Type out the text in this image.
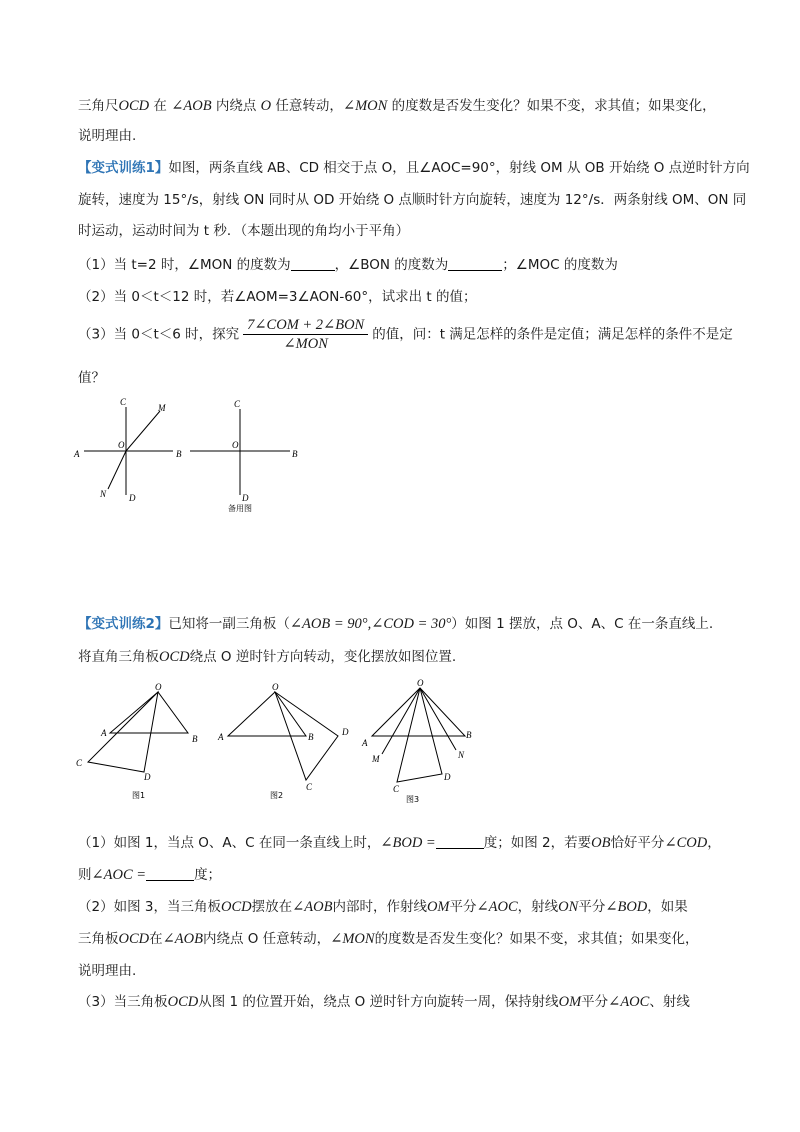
三角尺OCD 在 ∠AOB 内绕点 O 任意转动，∠MON 的度数是否发生变化？如果不变，求其值；如果变化，
说明理由.
【变式训练1】如图，两条直线 AB、CD 相交于点 O，且∠AOC=90°，射线 OM 从 OB 开始绕 O 点逆时针方向
旋转，速度为 15°/s，射线 ON 同时从 OD 开始绕 O 点顺时针方向旋转，速度为 12°/s．两条射线 OM、ON 同
时运动，运动时间为 t 秒．（本题出现的角均小于平角）
（1）当 t=2 时，∠MON 的度数为	，∠BON 的度数为	；∠MOC 的度数为
（2）当 0＜t＜12 时，若∠AOM=3∠AON-60°，试求出 t 的值；
（3）当 0＜t＜6 时，探究 $\frac{\text{7∠COM + 2∠BON}}{\text{∠MON}}$ 的值，问：t 满足怎样的条件是定值；满足怎样的条件不是定
值？
A	B
C
D
O
M
N
C
O
B
D
备用图
【变式训练2】已知将一副三角板（∠AOB = 90°,∠COD = 30°）如图 1 摆放，点 O、A、C 在一条直线上.
将直角三角板OCD绕点 O 逆时针方向转动，变化摆放如图位置.
O
A
B
C
D
图1
O
A	B	D
C
图2
O
A
B
M	N
D
C
图3
（1）如图 1，当点 O、A、C 在同一条直线上时，∠BOD =	度；如图 2，若要OB恰好平分∠COD，
则∠AOC =	度；
（2）如图 3，当三角板OCD摆放在∠AOB内部时，作射线OM平分∠AOC，射线ON平分∠BOD，如果
三角板OCD在∠AOB内绕点 O 任意转动，∠MON的度数是否发生变化？如果不变，求其值；如果变化，
说明理由.
（3）当三角板OCD从图 1 的位置开始，绕点 O 逆时针方向旋转一周，保持射线OM平分∠AOC、射线
